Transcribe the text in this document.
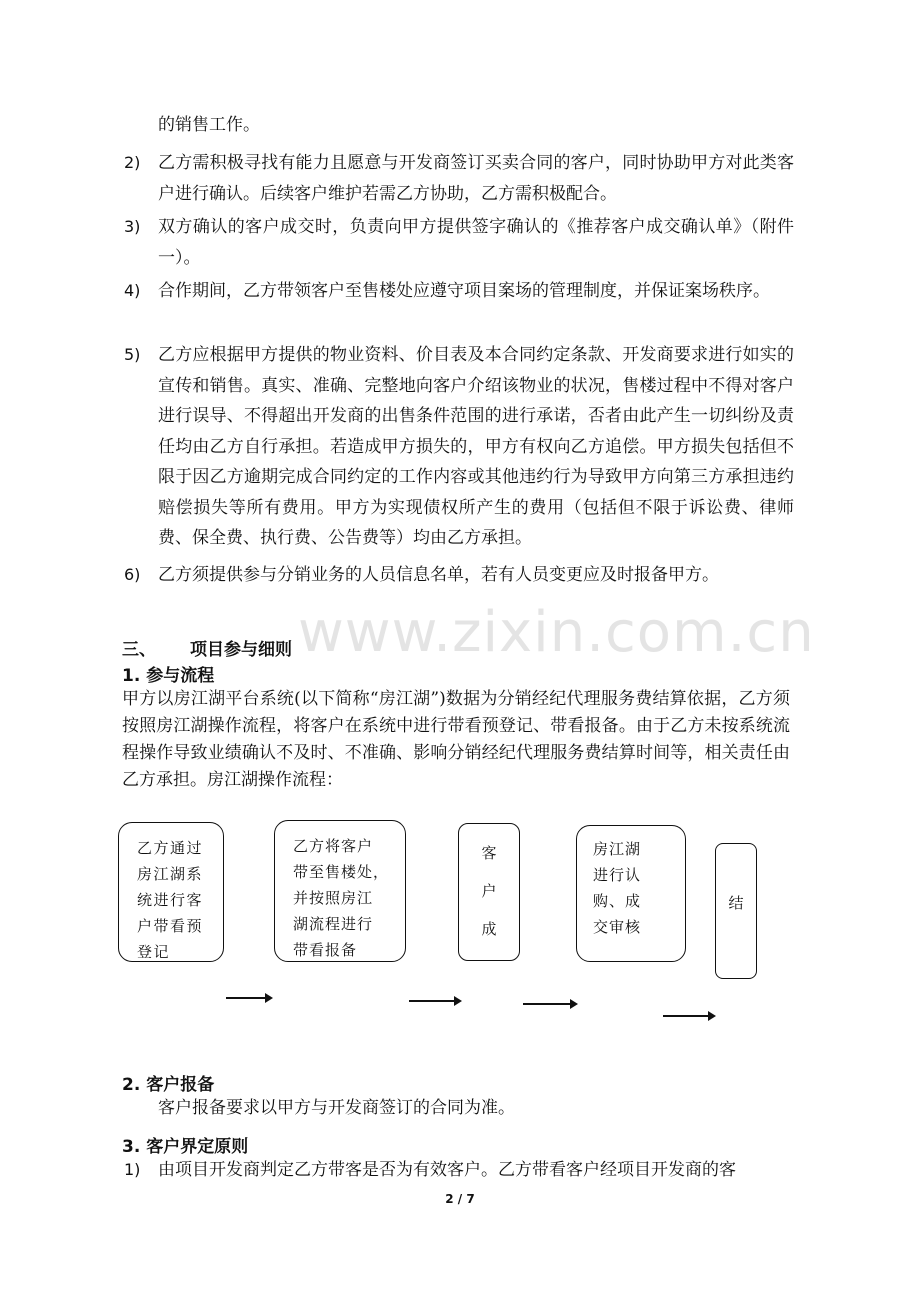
www.zixin.com.cn

的销售工作。

2) 乙方需积极寻找有能力且愿意与开发商签订买卖合同的客户，同时协助甲方对此类客户进行确认。后续客户维护若需乙方协助，乙方需积极配合。
3) 双方确认的客户成交时，负责向甲方提供签字确认的《推荐客户成交确认单》（附件一）。
4) 合作期间，乙方带领客户至售楼处应遵守项目案场的管理制度，并保证案场秩序。
5) 乙方应根据甲方提供的物业资料、价目表及本合同约定条款、开发商要求进行如实的宣传和销售。真实、准确、完整地向客户介绍该物业的状况，售楼过程中不得对客户进行误导、不得超出开发商的出售条件范围的进行承诺，否者由此产生一切纠纷及责任均由乙方自行承担。若造成甲方损失的，甲方有权向乙方追偿。甲方损失包括但不限于因乙方逾期完成合同约定的工作内容或其他违约行为导致甲方向第三方承担违约赔偿损失等所有费用。甲方为实现债权所产生的费用（包括但不限于诉讼费、律师费、保全费、执行费、公告费等）均由乙方承担。
6) 乙方须提供参与分销业务的人员信息名单，若有人员变更应及时报备甲方。
三、 项目参与细则
1. 参与流程
甲方以房江湖平台系统(以下简称“房江湖”)数据为分销经纪代理服务费结算依据，乙方须按照房江湖操作流程，将客户在系统中进行带看预登记、带看报备。由于乙方未按系统流程操作导致业绩确认不及时、不准确、影响分销经纪代理服务费结算时间等，相关责任由乙方承担。房江湖操作流程：
乙方通过
房江湖系
统进行客
户带看预
登记
乙方将客户
带至售楼处，
并按照房江
湖流程进行
带看报备
客
户
成
房江湖
进行认
购、成
交审核
结
2. 客户报备

客户报备要求以甲方与开发商签订的合同为准。

3. 客户界定原则
1) 由项目开发商判定乙方带客是否为有效客户。乙方带看客户经项目开发商的客

2 / 7
